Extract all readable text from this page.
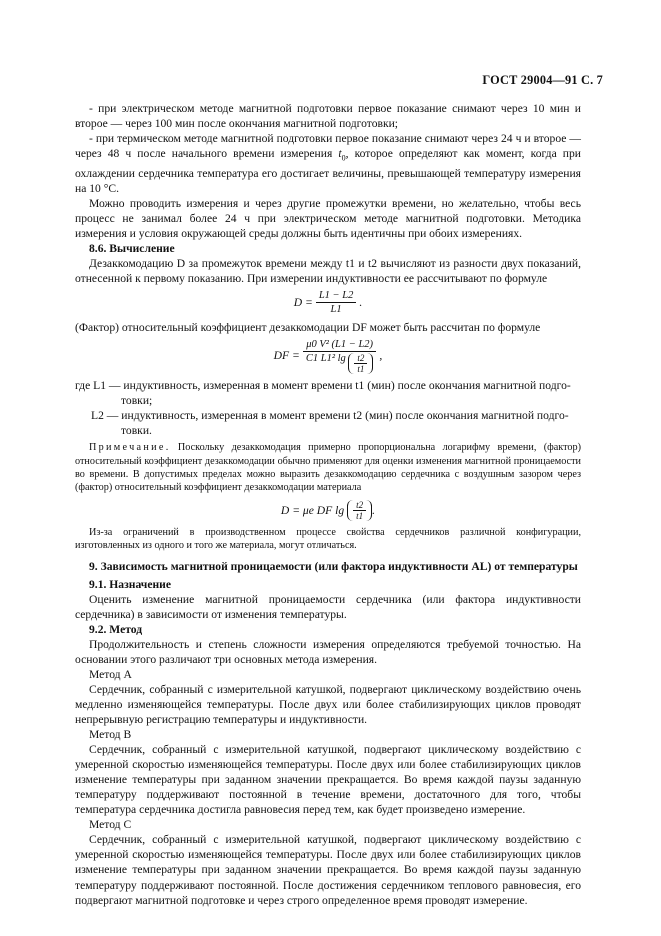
ГОСТ 29004—91 С. 7

- при электрическом методе магнитной подготовки первое показание снимают через 10 мин и второе — через 100 мин после окончания магнитной подготовки;

- при термическом методе магнитной подготовки первое показание снимают через 24 ч и второе — через 48 ч после начального времени измерения $t_0$, которое определяют как момент, когда при охлаждении сердечника температура его достигает величины, превышающей температуру измерения на 10 °С.

Можно проводить измерения и через другие промежутки времени, но желательно, чтобы весь процесс не занимал более 24 ч при электрическом методе магнитной подготовки. Методика измерения и условия окружающей среды должны быть идентичны при обоих измерениях.

8.6. Вычисление

Дезаккомодацию D за промежуток времени между t1 и t2 вычисляют из разности двух показаний, отнесенной к первому показанию. При измерении индуктивности ее рассчитывают по формуле

$D = \frac{L1 - L2}{L1}$ .

(Фактор) относительный коэффициент дезаккомодации DF может быть рассчитан по формуле

DF = $\frac{\text{μ0 V² (L1 − L2)}}{C1 L1^2 \lg \frac{t2}{t1}}$ ,
где L1 — индуктивность, измеренная в момент времени t1 (мин) после окончания магнитной подго-
товки;
L2 — индуктивность, измеренная в момент времени t2 (мин) после окончания магнитной подго-
товки.

Примечание. Поскольку дезаккомодация примерно пропорциональна логарифму времени, (фактор) относительный коэффициент дезаккомодации обычно применяют для оценки изменения магнитной проницаемости во времени. В допустимых пределах можно выразить дезаккомодацию сердечника с воздушным зазором через (фактор) относительный коэффициент дезаккомодации материала

D = μe DF $\lg \frac{t2}{t1}$ .

Из-за ограничений в производственном процессе свойства сердечников различной конфигурации, изготовленных из одного и того же материала, могут отличаться.

9. Зависимость магнитной проницаемости (или фактора индуктивности AL) от температуры
9.1. Назначение

Оценить изменение магнитной проницаемости сердечника (или фактора индуктивности сердечника) в зависимости от изменения температуры.

9.2. Метод

Продолжительность и степень сложности измерения определяются требуемой точностью. На основании этого различают три основных метода измерения.

Метод А

Сердечник, собранный с измерительной катушкой, подвергают циклическому воздействию очень медленно изменяющейся температуры. После двух или более стабилизирующих циклов проводят непрерывную регистрацию температуры и индуктивности.

Метод В

Сердечник, собранный с измерительной катушкой, подвергают циклическому воздействию с умеренной скоростью изменяющейся температуры. После двух или более стабилизирующих циклов изменение температуры при заданном значении прекращается. Во время каждой паузы заданную температуру поддерживают постоянной в течение времени, достаточного для того, чтобы температура сердечника достигла равновесия перед тем, как будет произведено измерение.

Метод С

Сердечник, собранный с измерительной катушкой, подвергают циклическому воздействию с умеренной скоростью изменяющейся температуры. После двух или более стабилизирующих циклов изменение температуры при заданном значении прекращается. Во время каждой паузы заданную температуру поддерживают постоянной. После достижения сердечником теплового равновесия, его подвергают магнитной подготовке и через строго определенное время проводят измерение.
